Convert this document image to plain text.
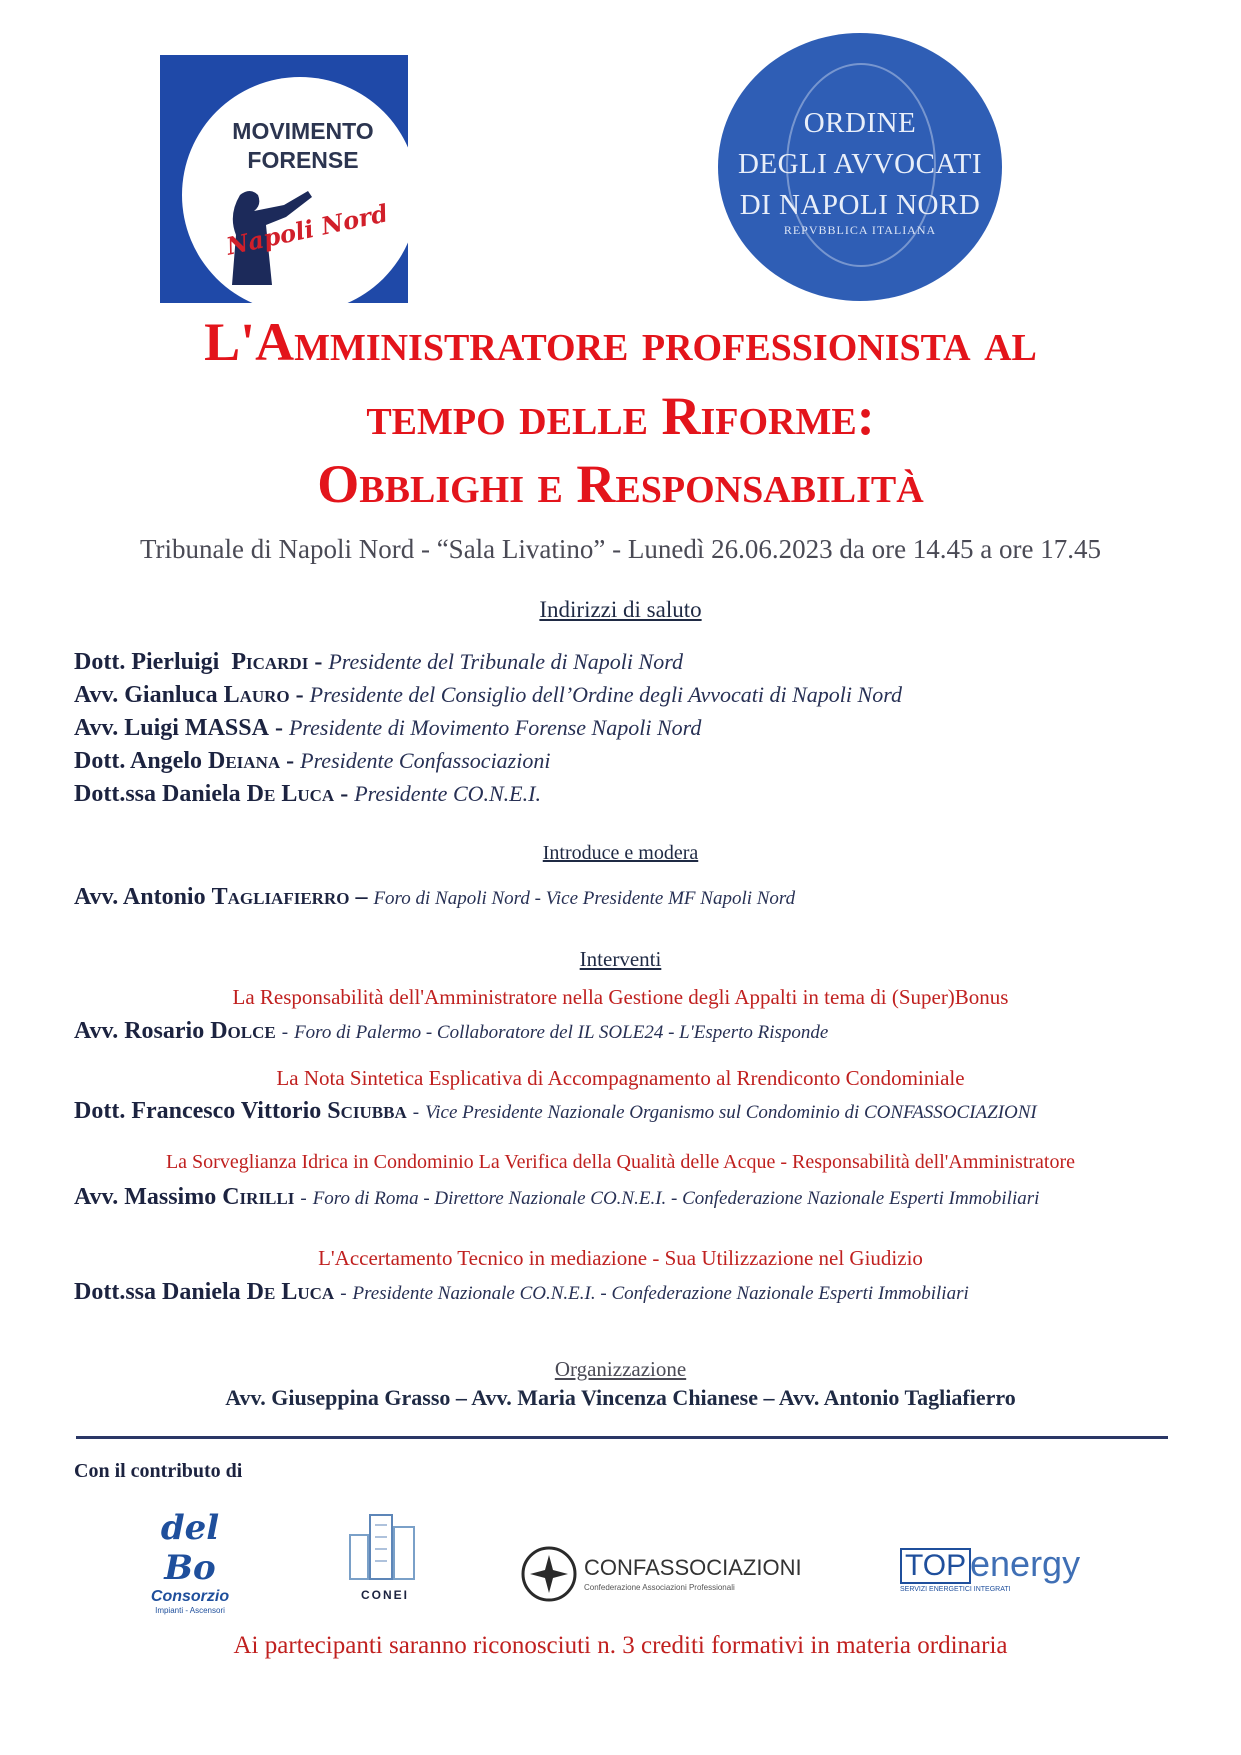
MOVIMENTO
FORENSE
Napoli Nord
ORDINE
DEGLI AVVOCATI
DI NAPOLI NORD
REPVBBLICA ITALIANA
L'Amministratore professionista al
tempo delle Riforme:
Obblighi e Responsabilità
Tribunale di Napoli Nord - “Sala Livatino” - Lunedì 26.06.2023 da ore 14.45 a ore 17.45
Indirizzi di saluto
Dott. Pierluigi Picardi - Presidente del Tribunale di Napoli Nord
Avv. Gianluca Lauro - Presidente del Consiglio dell’Ordine degli Avvocati di Napoli Nord
Avv. Luigi MASSA - Presidente di Movimento Forense Napoli Nord
Dott. Angelo Deiana - Presidente Confassociazioni
Dott.ssa Daniela De Luca - Presidente CO.N.E.I.
Introduce e modera
Avv. Antonio Tagliafierro – Foro di Napoli Nord - Vice Presidente MF Napoli Nord
Interventi
La Responsabilità dell'Amministratore nella Gestione degli Appalti in tema di (Super)Bonus
Avv. Rosario Dolce - Foro di Palermo - Collaboratore del IL SOLE24 - L'Esperto Risponde
La Nota Sintetica Esplicativa di Accompagnamento al Rrendiconto Condominiale
Dott. Francesco Vittorio Sciubba - Vice Presidente Nazionale Organismo sul Condominio di CONFASSOCIAZIONI
La Sorveglianza Idrica in Condominio La Verifica della Qualità delle Acque - Responsabilità dell'Amministratore
Avv. Massimo Cirilli - Foro di Roma - Direttore Nazionale CO.N.E.I. - Confederazione Nazionale Esperti Immobiliari
L'Accertamento Tecnico in mediazione - Sua Utilizzazione nel Giudizio
Dott.ssa Daniela De Luca - Presidente Nazionale CO.N.E.I. - Confederazione Nazionale Esperti Immobiliari
Organizzazione
Avv. Giuseppina Grasso – Avv. Maria Vincenza Chianese – Avv. Antonio Tagliafierro
Con il contributo di
del Bo
Consorzio
Impianti - Ascensori
CONEI
CONFASSOCIAZIONI
Confederazione Associazioni Professionali
TOP energy
SERVIZI ENERGETICI INTEGRATI
Ai partecipanti saranno riconosciuti n. 3 crediti formativi in materia ordinaria
